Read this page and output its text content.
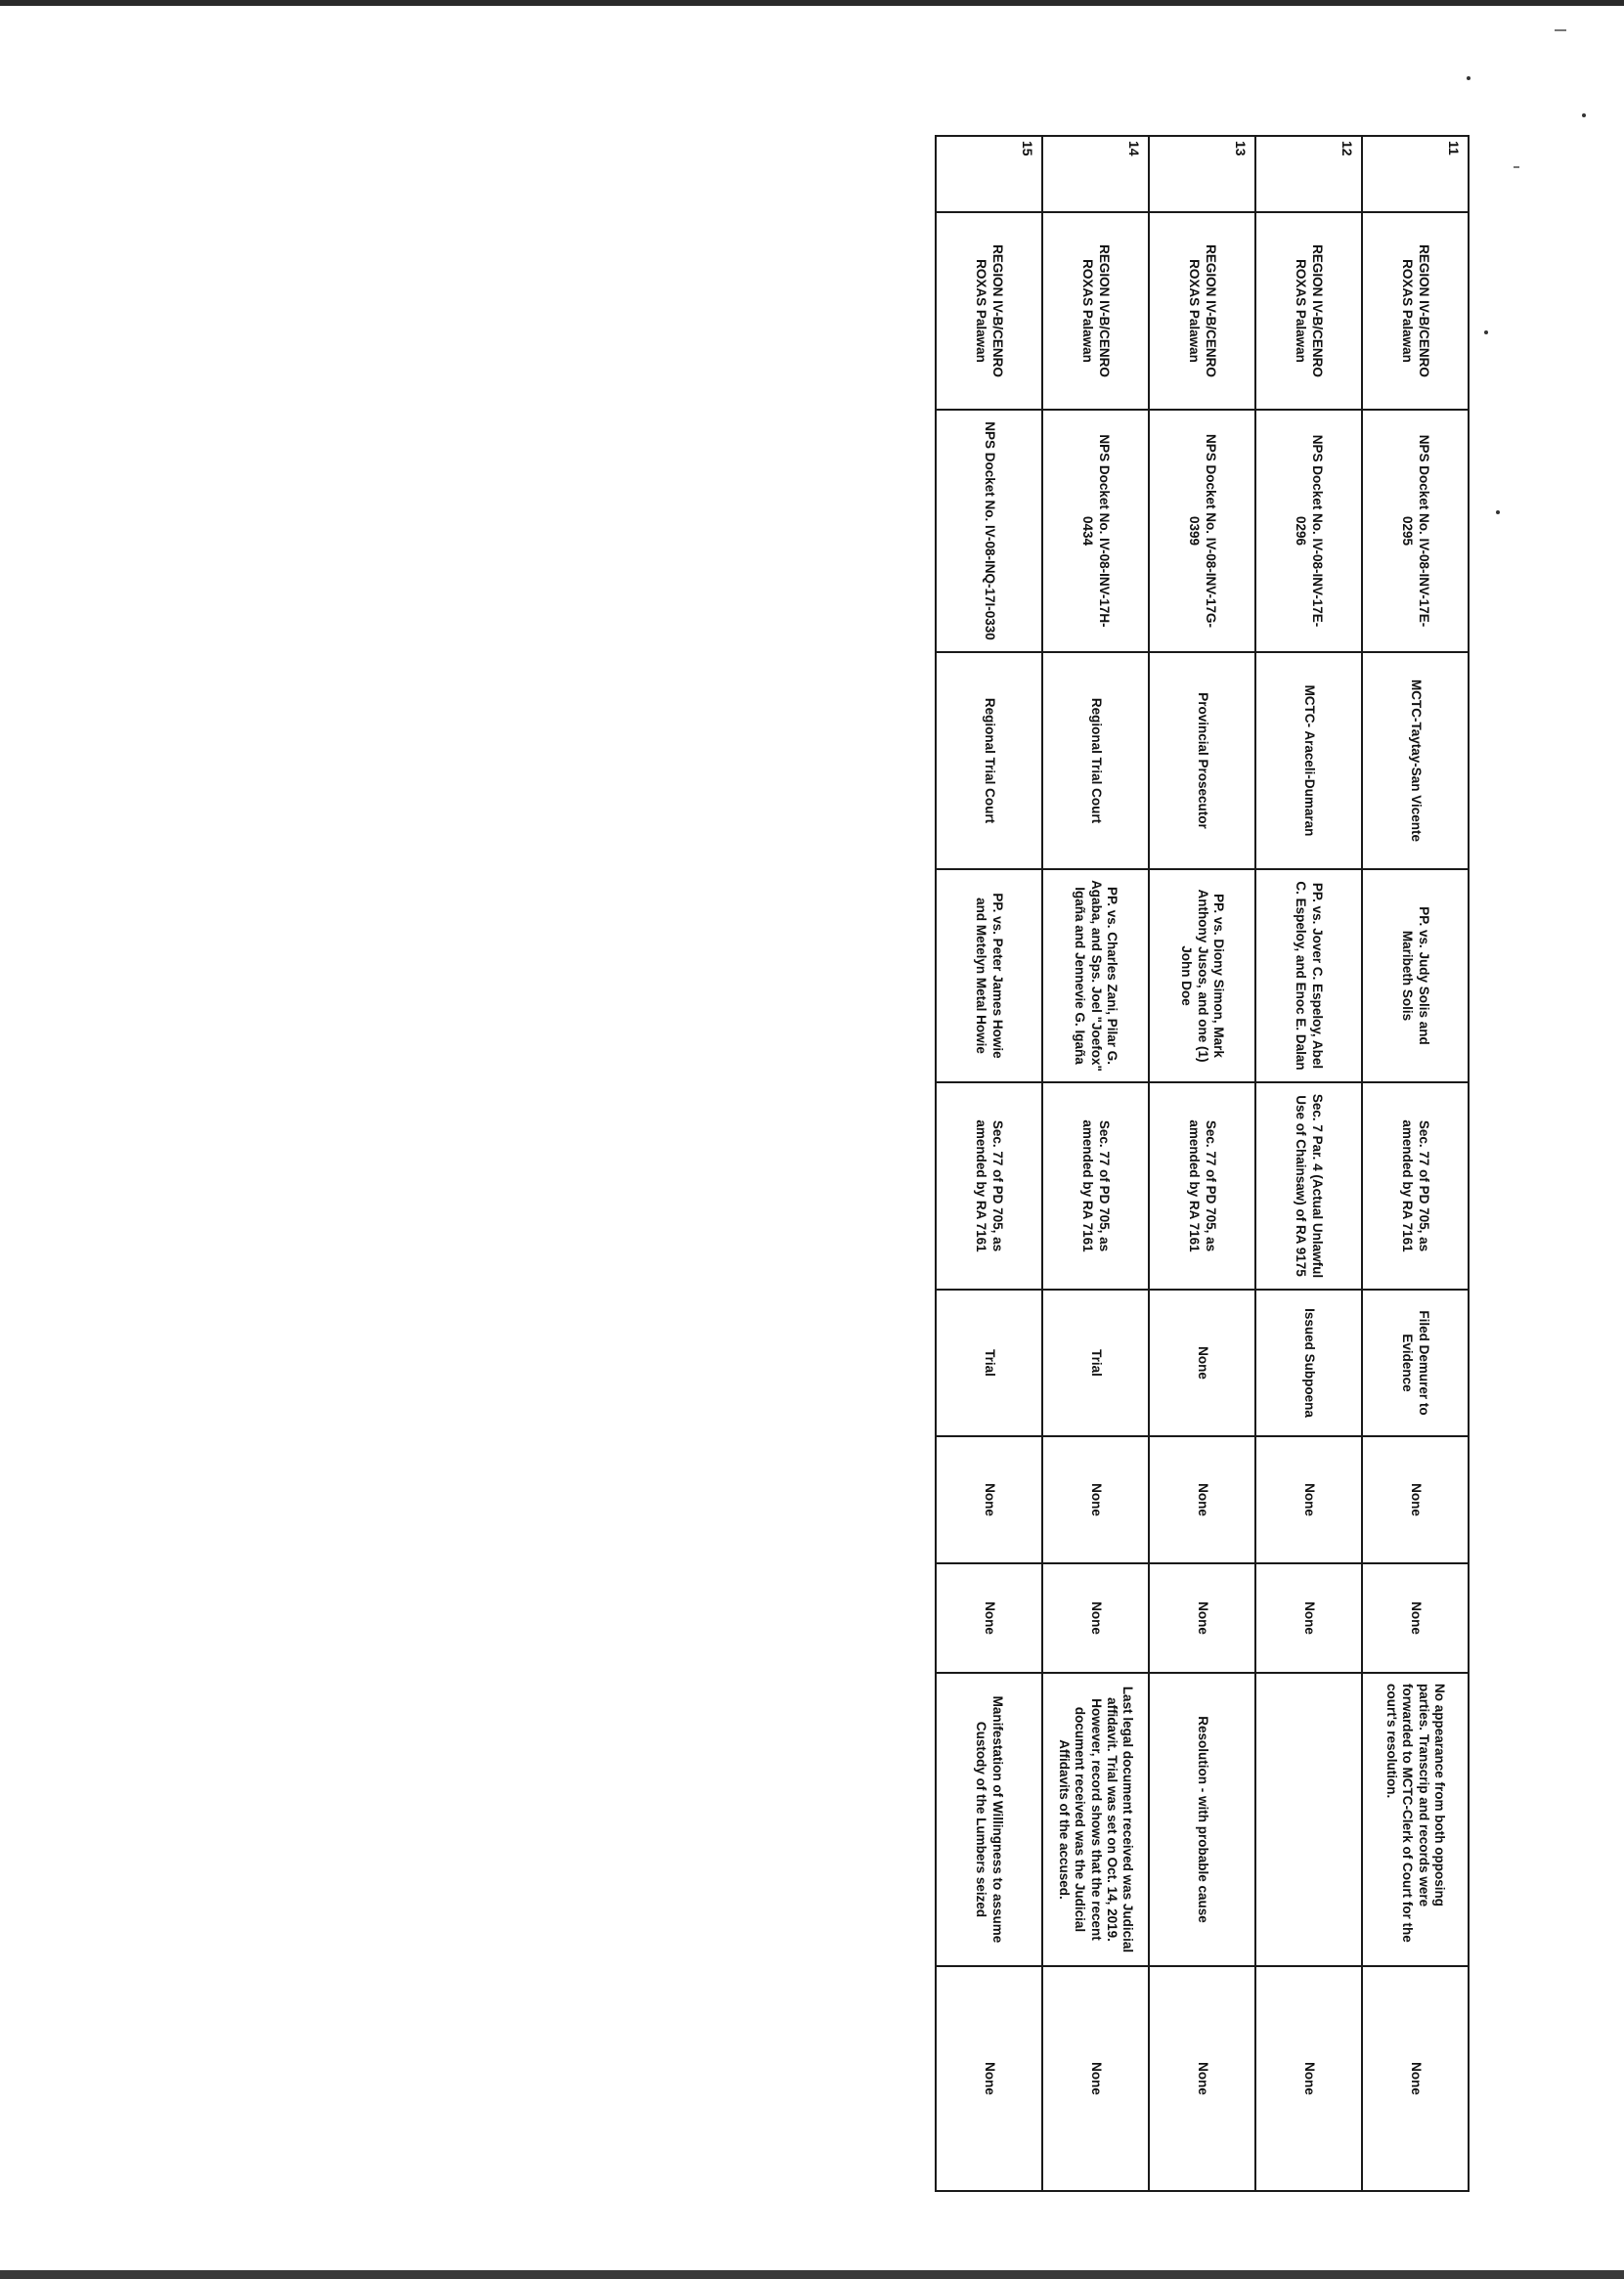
11	REGION IV-B/CENRO ROXAS Palawan	NPS Docket No. IV-08-INV-17E-0295	MCTC-Taytay-San Vicente	PP. vs. Judy Solis and Maribeth Solis	Sec. 77 of PD 705, as amended by RA 7161	Filed Demurer to Evidence	None	None	No appearance from both opposing parties. Transcrip and records were forwarded to MCTC-Clerk of Court for the court's resolution.	None
12	REGION IV-B/CENRO ROXAS Palawan	NPS Docket No. IV-08-INV-17E-0296	MCTC- Araceli-Dumaran	PP. vs. Jover C. Espeloy, Abel C. Espeloy, and Enoc E. Dalan	Sec. 7 Par. 4 (Actual Unlawful Use of Chainsaw) of RA 9175	Issued Subpoena	None	None		None
13	REGION IV-B/CENRO ROXAS Palawan	NPS Docket No. IV-08-INV-17G-0399	Provincial Prosecutor	PP. vs. Diony Simon, Mark Anthony Jusos, and one (1) John Doe	Sec. 77 of PD 705, as amended by RA 7161	None	None	None	Resolution - with probable cause	None
14	REGION IV-B/CENRO ROXAS Palawan	NPS Docket No. IV-08-INV-17H-0434	Regional Trial Court	PP. vs. Charles Zani, Pilar G. Agaba, and Sps. Joel "Joefox" Igaña and Jennevie G. Igaña	Sec. 77 of PD 705, as amended by RA 7161	Trial	None	None	Last legal document received was Judicial affidavit. Trial was set on Oct. 14, 2019. However, record shows that the recent document received was the Judicial Affidavits of the accused.	None
15	REGION IV-B/CENRO ROXAS Palawan	NPS Docket No. IV-08-INQ-17I-0330	Regional Trial Court	PP. vs. Peter James Howie and Metelyn Metal Howie	Sec. 77 of PD 705, as amended by RA 7161	Trial	None	None	Manifestation of Willingness to assume Custody of the Lumbers seized	None
